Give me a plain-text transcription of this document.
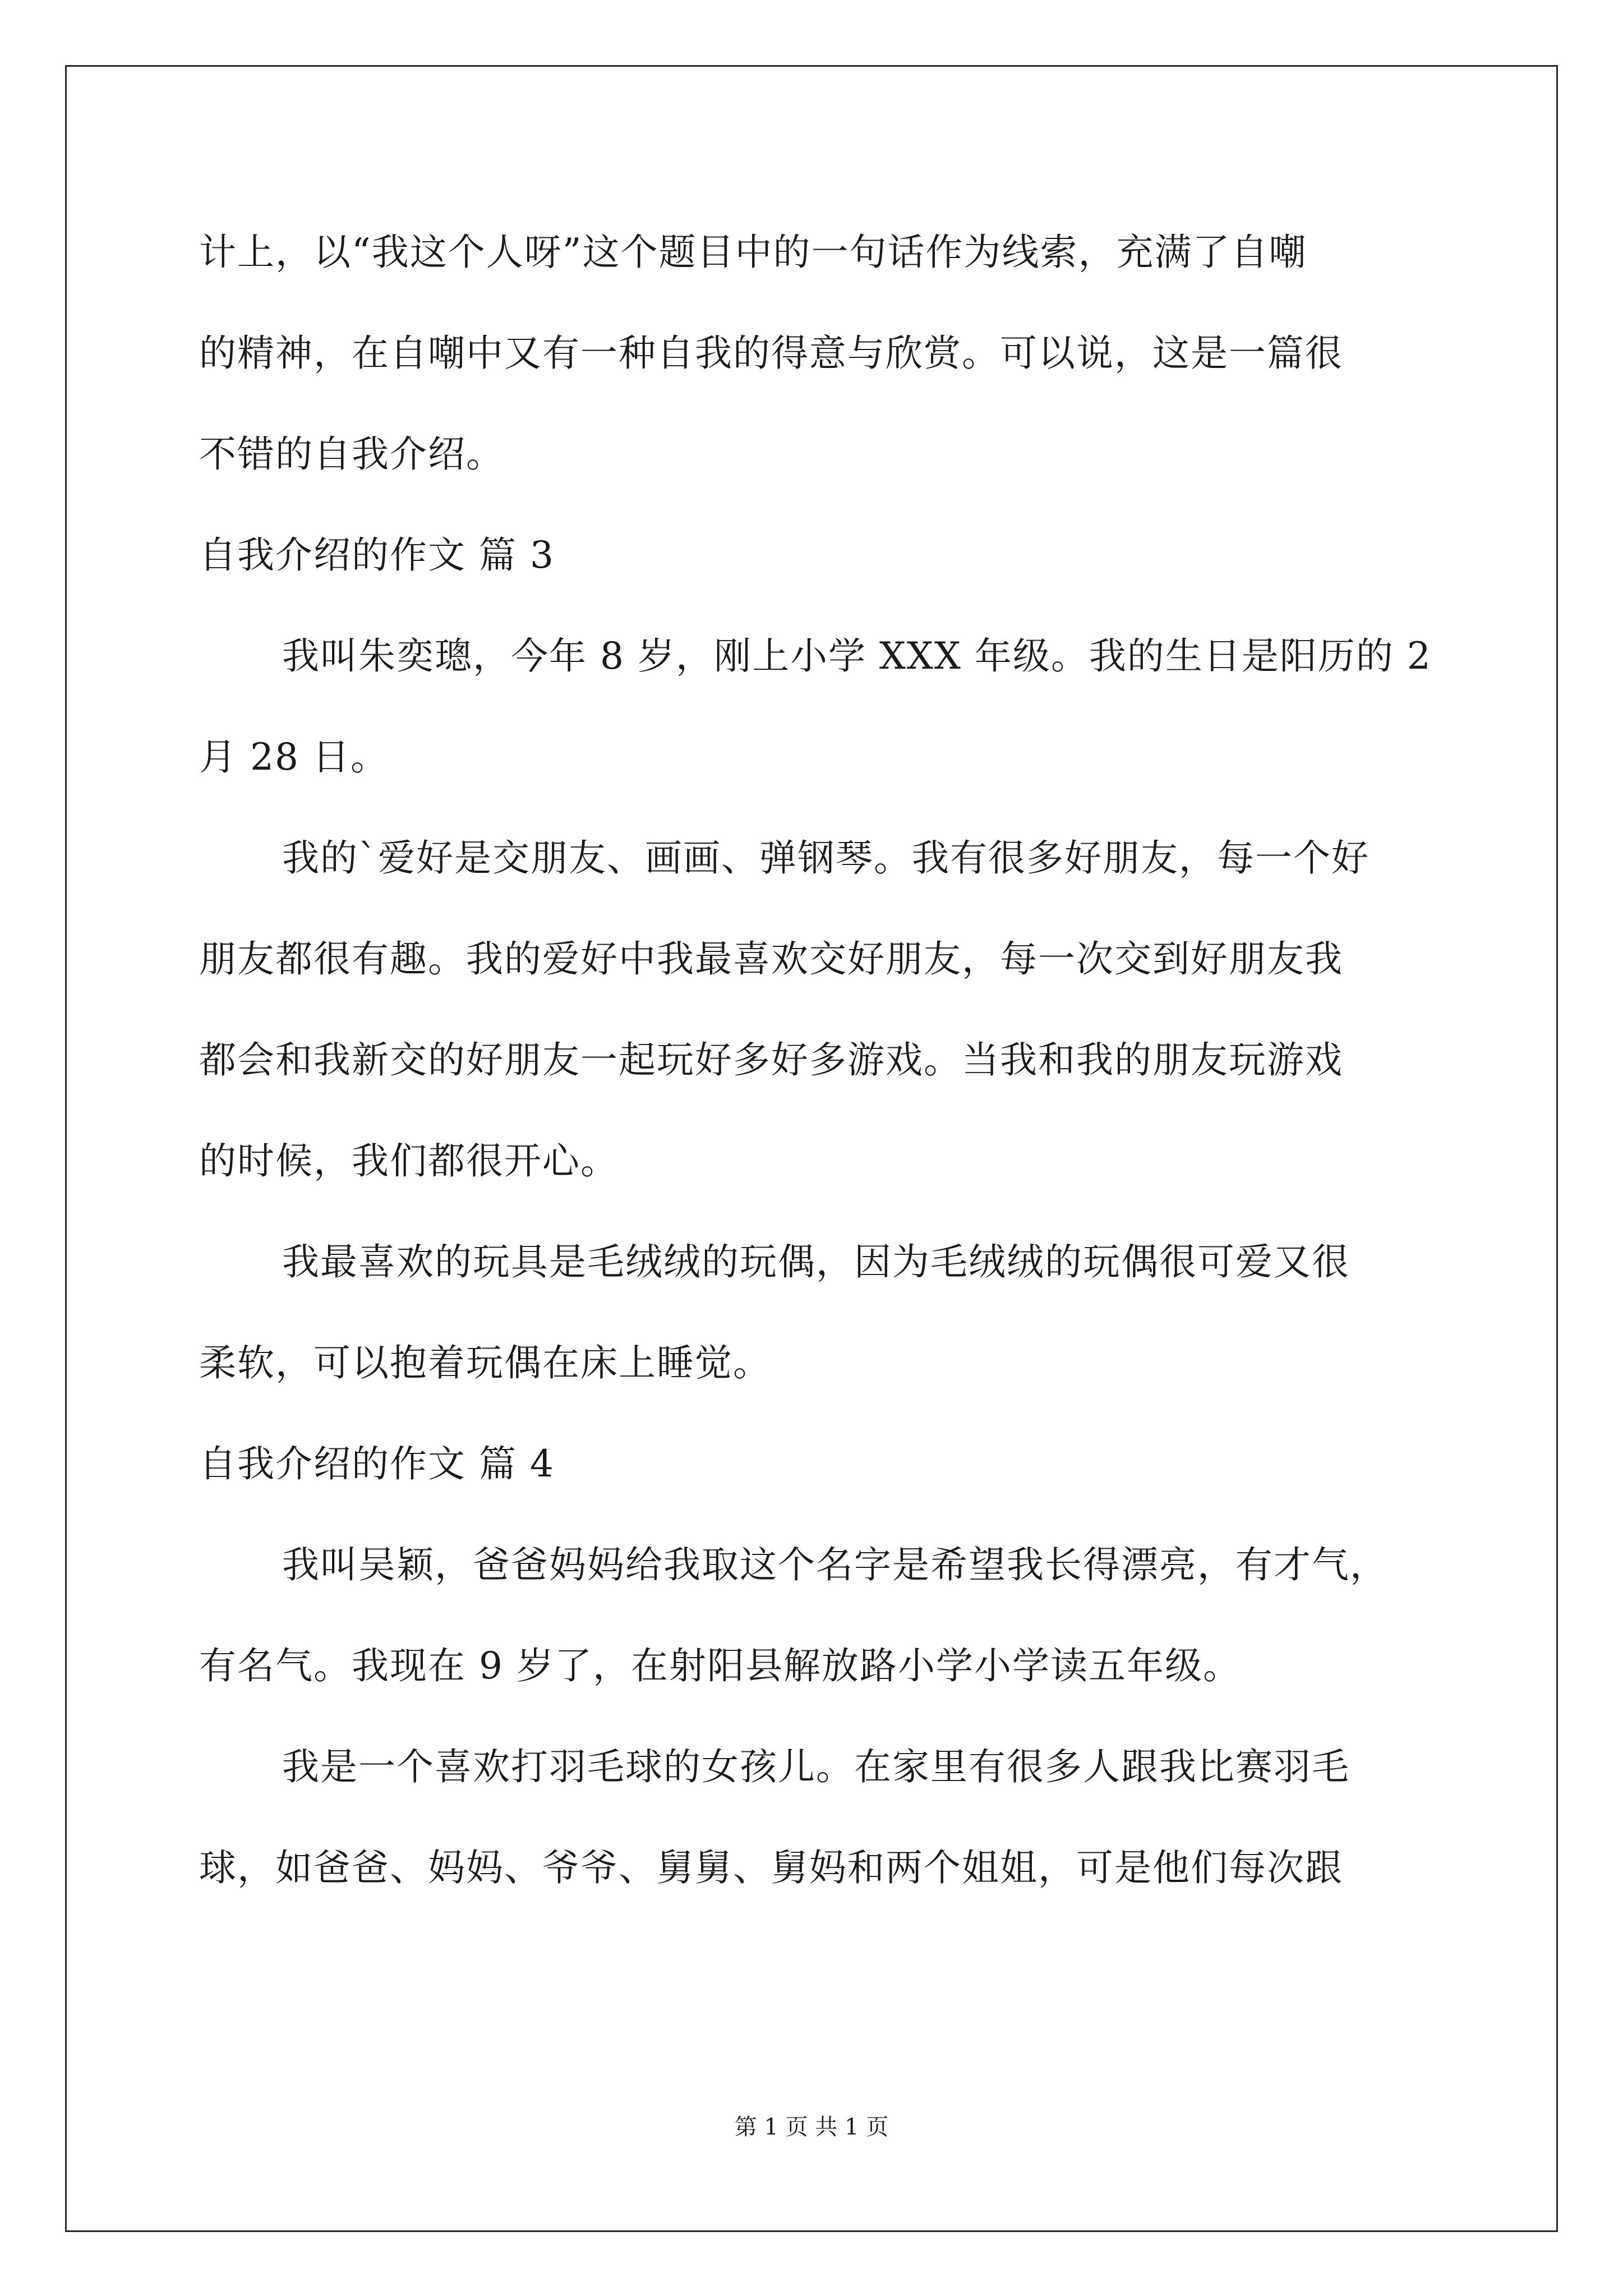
计上，以“我这个人呀”这个题目中的一句话作为线索，充满了自嘲
的精神，在自嘲中又有一种自我的得意与欣赏。可以说，这是一篇很
不错的自我介绍。
自我介绍的作文 篇 3
我叫朱奕璁，今年 8 岁，刚上小学 XXX 年级。我的生日是阳历的 2
月 28 日。
我的`爱好是交朋友、画画、弹钢琴。我有很多好朋友，每一个好
朋友都很有趣。我的爱好中我最喜欢交好朋友，每一次交到好朋友我
都会和我新交的好朋友一起玩好多好多游戏。当我和我的朋友玩游戏
的时候，我们都很开心。
我最喜欢的玩具是毛绒绒的玩偶，因为毛绒绒的玩偶很可爱又很
柔软，可以抱着玩偶在床上睡觉。
自我介绍的作文 篇 4
我叫吴颖，爸爸妈妈给我取这个名字是希望我长得漂亮，有才气，
有名气。我现在 9 岁了，在射阳县解放路小学小学读五年级。
我是一个喜欢打羽毛球的女孩儿。在家里有很多人跟我比赛羽毛
球，如爸爸、妈妈、爷爷、舅舅、舅妈和两个姐姐，可是他们每次跟
第 1 页 共 1 页
